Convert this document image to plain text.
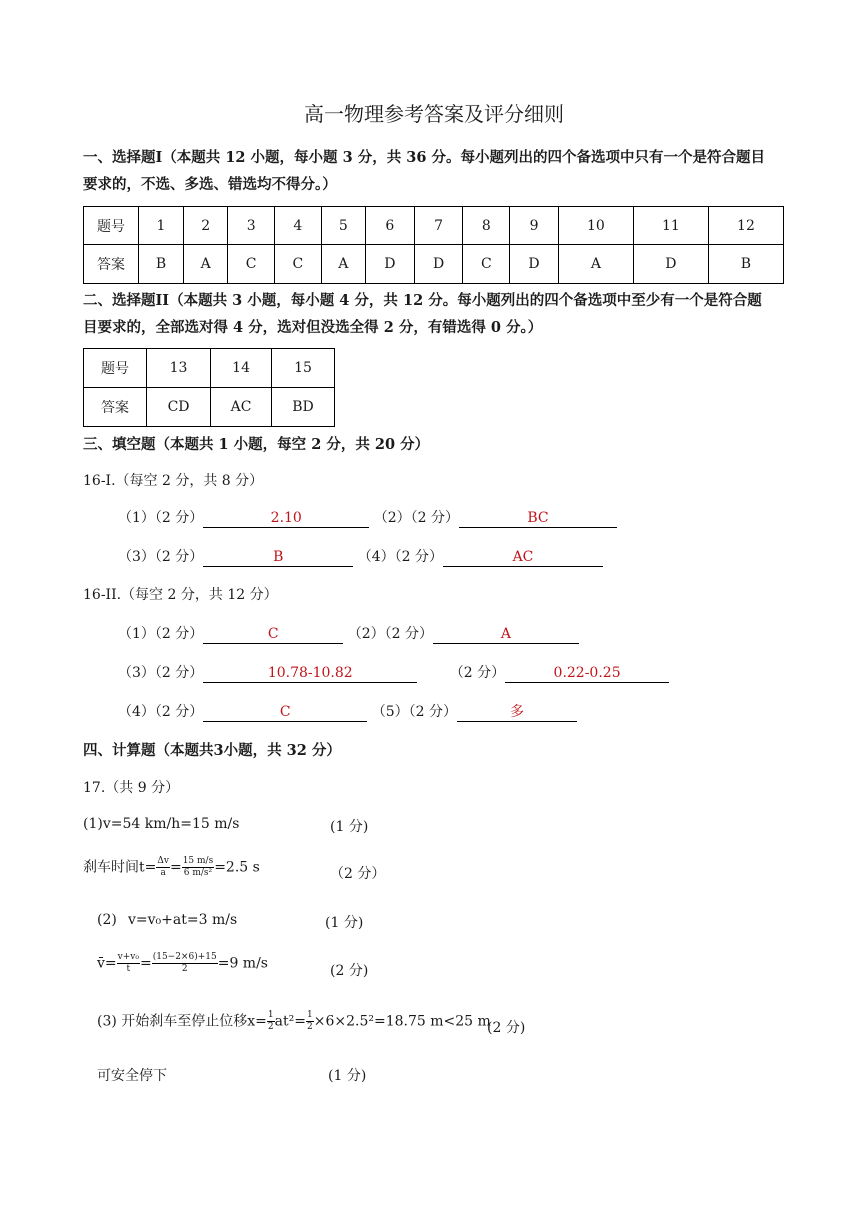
高一物理参考答案及评分细则
一、选择题I（本题共 12 小题，每小题 3 分，共 36 分。每小题列出的四个备选项中只有一个是符合题目
要求的，不选、多选、错选均不得分。）
题号	1	2	3	4	5	6	7	8	9	10	11	12
答案	B	A	C	C	A	D	D	C	D	A	D	B
二、选择题II（本题共 3 小题，每小题 4 分，共 12 分。每小题列出的四个备选项中至少有一个是符合题
目要求的，全部选对得 4 分，选对但没选全得 2 分，有错选得 0 分。）
题号	13	14	15
答案	CD	AC	BD
三、填空题（本题共 1 小题，每空 2 分，共 20 分）
16-I.（每空 2 分，共 8 分）
（1）（2 分）	2.10	（2）（2 分）	BC
（3）（2 分）	B	（4）（2 分）	AC
16-II.（每空 2 分，共 12 分）
（1）（2 分）	C	（2）（2 分）	A
（3）（2 分）	10.78-10.82	（2 分）	0.22-0.25
（4）（2 分）	C	（5）（2 分）	多
四、计算题（本题共3小题，共 32 分）
17.（共 9 分）
(1)v=54 km/h=15 m/s	(1 分)
刹车时间$t= \frac{\Delta v}{a} = \frac{15 m/s}{\text{6 m/s²}} =2.5$ s	（2 分）
(2) v=v₀+at=3 m/s	(1 分)
v̄= $\frac{\text{v+v₀}}{t} = \frac{(15-2\times 6)+15}{2} =9$ m/s	(2 分)
(3) 开始刹车至停止位移$x= \frac{1}{2} at^2= \frac{1}{2} \times 6\times 2.5^2=18.75$ m<25 m
(2 分)
可安全停下	(1 分)
